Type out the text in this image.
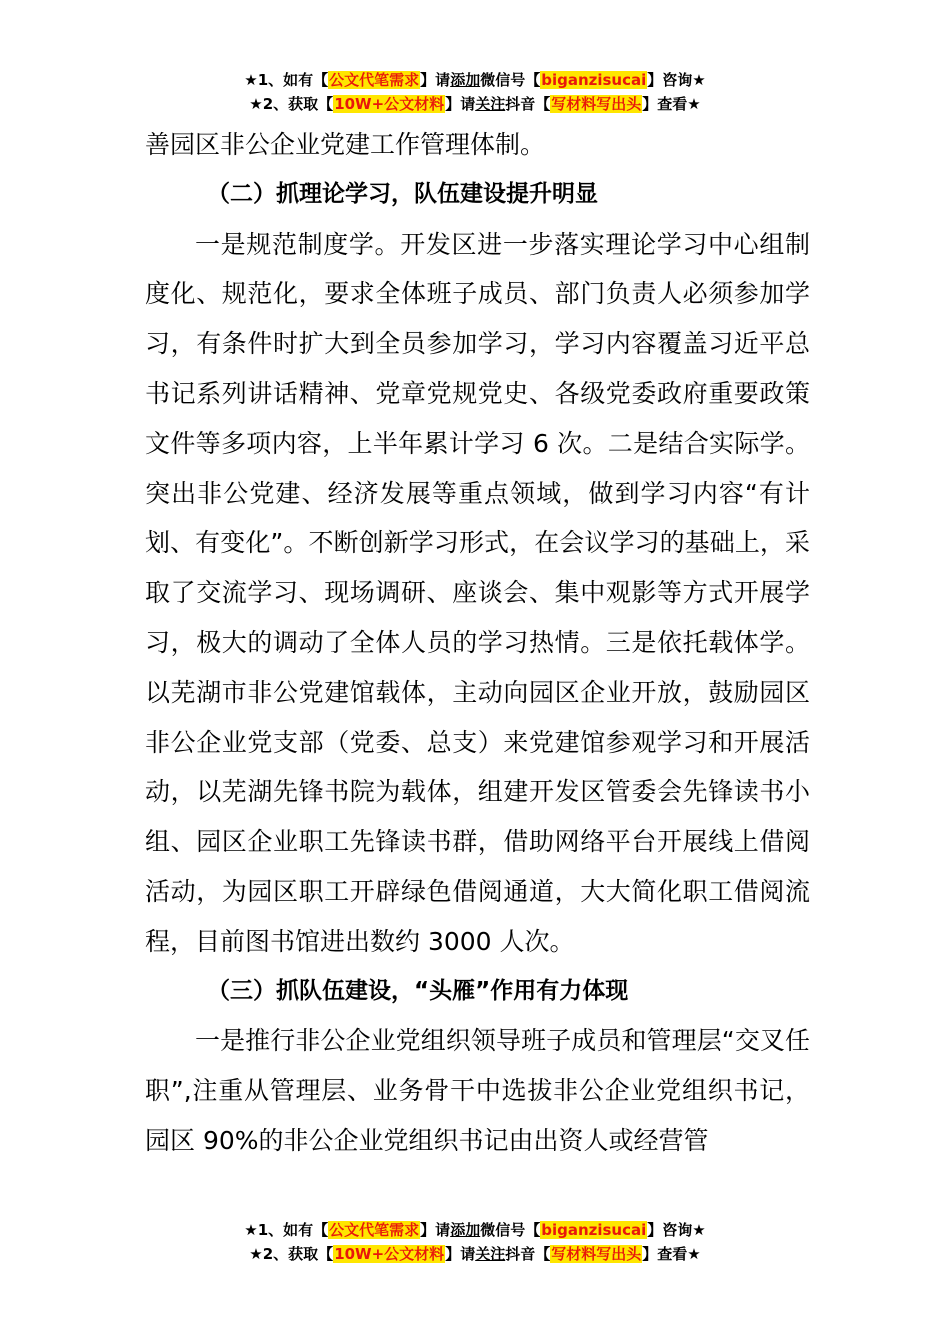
★1、如有【公文代笔需求】请添加微信号【biganzisucai】咨询★
★2、获取【10W+公文材料】请关注抖音【写材料写出头】查看★

善园区非公企业党建工作管理体制。

（二）抓理论学习，队伍建设提升明显

一是规范制度学。开发区进一步落实理论学习中心组制度化、规范化，要求全体班子成员、部门负责人必须参加学习，有条件时扩大到全员参加学习，学习内容覆盖习近平总书记系列讲话精神、党章党规党史、各级党委政府重要政策文件等多项内容，上半年累计学习 6 次。二是结合实际学。突出非公党建、经济发展等重点领域，做到学习内容“有计划、有变化”。不断创新学习形式，在会议学习的基础上，采取了交流学习、现场调研、座谈会、集中观影等方式开展学习，极大的调动了全体人员的学习热情。三是依托载体学。以芜湖市非公党建馆载体，主动向园区企业开放，鼓励园区非公企业党支部（党委、总支）来党建馆参观学习和开展活动，以芜湖先锋书院为载体，组建开发区管委会先锋读书小组、园区企业职工先锋读书群，借助网络平台开展线上借阅活动，为园区职工开辟绿色借阅通道，大大简化职工借阅流程，目前图书馆进出数约 3000 人次。

（三）抓队伍建设，“头雁”作用有力体现

一是推行非公企业党组织领导班子成员和管理层“交叉任职”,注重从管理层、业务骨干中选拔非公企业党组织书记，园区 90%的非公企业党组织书记由出资人或经营管

★1、如有【公文代笔需求】请添加微信号【biganzisucai】咨询★
★2、获取【10W+公文材料】请关注抖音【写材料写出头】查看★
